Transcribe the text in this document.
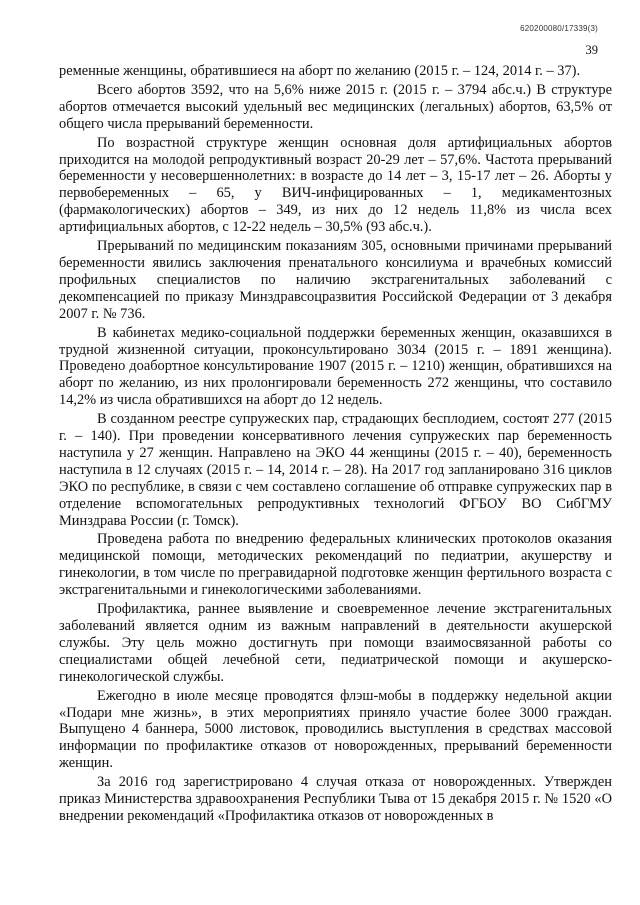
620200080/17339(3)
39

ременные женщины, обратившиеся на аборт по желанию (2015 г. – 124, 2014 г. – 37).

Всего абортов 3592, что на 5,6% ниже 2015 г. (2015 г. – 3794 абс.ч.) В структуре абортов отмечается высокий удельный вес медицинских (легальных) абортов, 63,5% от общего числа прерываний беременности.

По возрастной структуре женщин основная доля артифициальных абортов приходится на молодой репродуктивный возраст 20-29 лет – 57,6%. Частота прерываний беременности у несовершеннолетних: в возрасте до 14 лет – 3, 15-17 лет – 26. Аборты у первобеременных – 65, у ВИЧ-инфицированных – 1, медикаментозных (фармакологических) абортов – 349, из них до 12 недель 11,8% из числа всех артифициальных абортов, с 12-22 недель – 30,5% (93 абс.ч.).

Прерываний по медицинским показаниям 305, основными причинами прерываний беременности явились заключения пренатального консилиума и врачебных комиссий профильных специалистов по наличию экстрагенитальных заболеваний с декомпенсацией по приказу Минздравсоцразвития Российской Федерации от 3 декабря 2007 г. № 736.

В кабинетах медико-социальной поддержки беременных женщин, оказавшихся в трудной жизненной ситуации, проконсультировано 3034 (2015 г. – 1891 женщина). Проведено доабортное консультирование 1907 (2015 г. – 1210) женщин, обратившихся на аборт по желанию, из них пролонгировали беременность 272 женщины, что составило 14,2% из числа обратившихся на аборт до 12 недель.

В созданном реестре супружеских пар, страдающих бесплодием, состоят 277 (2015 г. – 140). При проведении консервативного лечения супружеских пар беременность наступила у 27 женщин. Направлено на ЭКО 44 женщины (2015 г. – 40), беременность наступила в 12 случаях (2015 г. – 14, 2014 г. – 28). На 2017 год запланировано 316 циклов ЭКО по республике, в связи с чем составлено соглашение об отправке супружеских пар в отделение вспомогательных репродуктивных технологий ФГБОУ ВО СибГМУ Минздрава России (г. Томск).

Проведена работа по внедрению федеральных клинических протоколов оказания медицинской помощи, методических рекомендаций по педиатрии, акушерству и гинекологии, в том числе по прегравидарной подготовке женщин фертильного возраста с экстрагенитальными и гинекологическими заболеваниями.

Профилактика, раннее выявление и своевременное лечение экстрагенитальных заболеваний является одним из важным направлений в деятельности акушерской службы. Эту цель можно достигнуть при помощи взаимосвязанной работы со специалистами общей лечебной сети, педиатрической помощи и акушерско-гинекологической службы.

Ежегодно в июле месяце проводятся флэш-мобы в поддержку недельной акции «Подари мне жизнь», в этих мероприятиях приняло участие более 3000 граждан. Выпущено 4 баннера, 5000 листовок, проводились выступления в средствах массовой информации по профилактике отказов от новорожденных, прерываний беременности женщин.

За 2016 год зарегистрировано 4 случая отказа от новорожденных. Утвержден приказ Министерства здравоохранения Республики Тыва от 15 декабря 2015 г. № 1520 «О внедрении рекомендаций «Профилактика отказов от новорожденных в
